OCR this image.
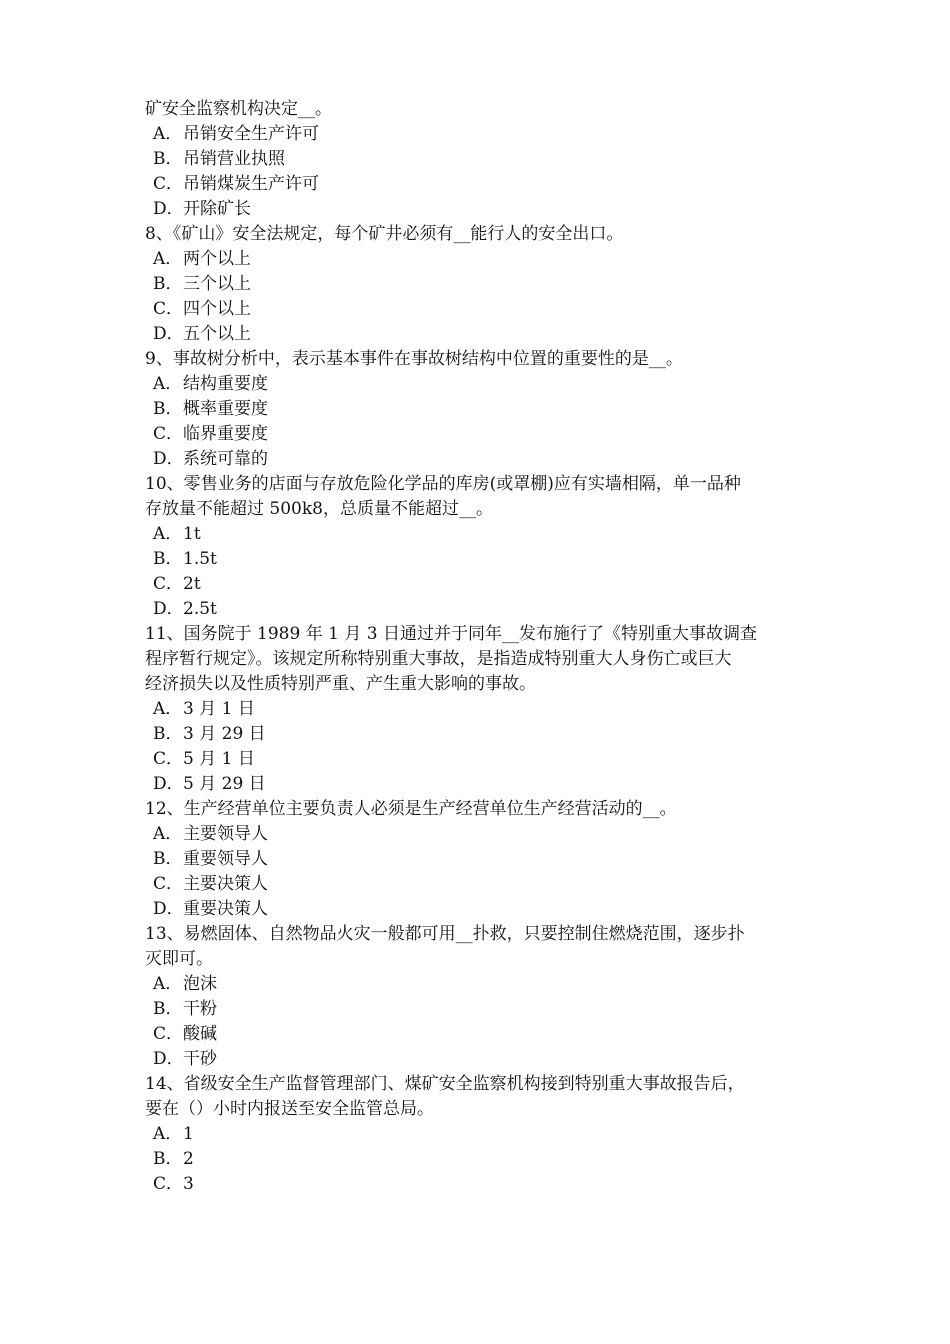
矿安全监察机构决定__。
A．吊销安全生产许可
B．吊销营业执照
C．吊销煤炭生产许可
D．开除矿长
8、《矿山》安全法规定，每个矿井必须有__能行人的安全出口。
A．两个以上
B．三个以上
C．四个以上
D．五个以上
9、事故树分析中，表示基本事件在事故树结构中位置的重要性的是__。
A．结构重要度
B．概率重要度
C．临界重要度
D．系统可靠的
10、零售业务的店面与存放危险化学品的库房(或罩棚)应有实墙相隔，单一品种
存放量不能超过 500k8，总质量不能超过__。
A．1t
B．1.5t
C．2t
D．2.5t
11、国务院于 1989 年 1 月 3 日通过并于同年__发布施行了《特别重大事故调查
程序暂行规定》。该规定所称特别重大事故，是指造成特别重大人身伤亡或巨大
经济损失以及性质特别严重、产生重大影响的事故。
A．3 月 1 日
B．3 月 29 日
C．5 月 1 日
D．5 月 29 日
12、生产经营单位主要负责人必须是生产经营单位生产经营活动的__。
A．主要领导人
B．重要领导人
C．主要决策人
D．重要决策人
13、易燃固体、自然物品火灾一般都可用__扑救，只要控制住燃烧范围，逐步扑
灭即可。
A．泡沫
B．干粉
C．酸碱
D．干砂
14、省级安全生产监督管理部门、煤矿安全监察机构接到特别重大事故报告后，
要在（）小时内报送至安全监管总局。
A．1
B．2
C．3
